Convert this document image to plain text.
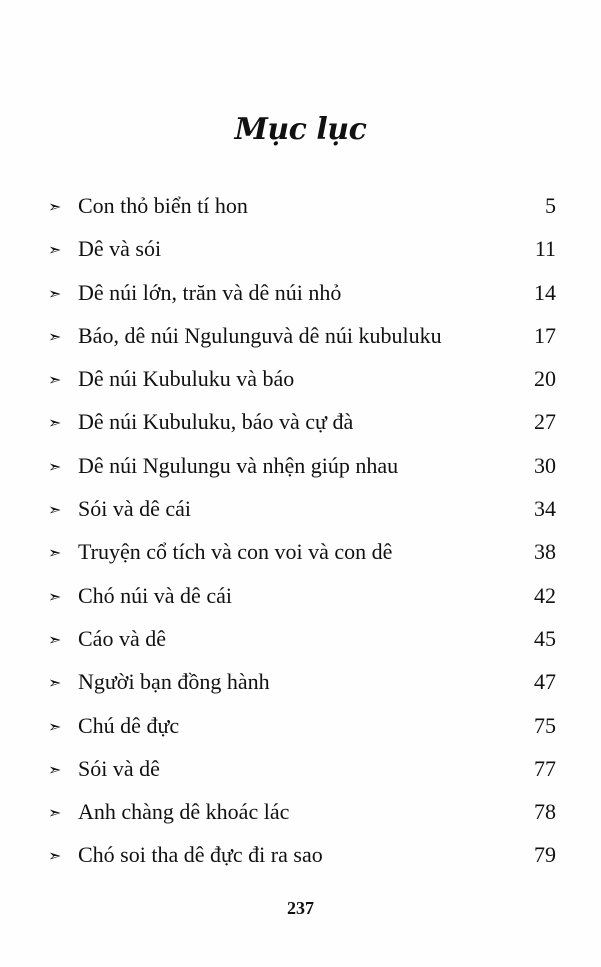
Mục lục
➣ Con thỏ biển tí hon	5
➣ Dê và sói	11
➣ Dê núi lớn, trăn và dê núi nhỏ	14
➣ Báo, dê núi Ngulunguvà dê núi kubuluku	17
➣ Dê núi Kubuluku và báo	20
➣ Dê núi Kubuluku, báo và cự đà	27
➣ Dê núi Ngulungu và nhện giúp nhau	30
➣ Sói và dê cái	34
➣ Truyện cổ tích và con voi và con dê	38
➣ Chó núi và dê cái	42
➣ Cáo và dê	45
➣ Người bạn đồng hành	47
➣ Chú dê đực	75
➣ Sói và dê	77
➣ Anh chàng dê khoác lác	78
➣ Chó soi tha dê đực đi ra sao	79
237
